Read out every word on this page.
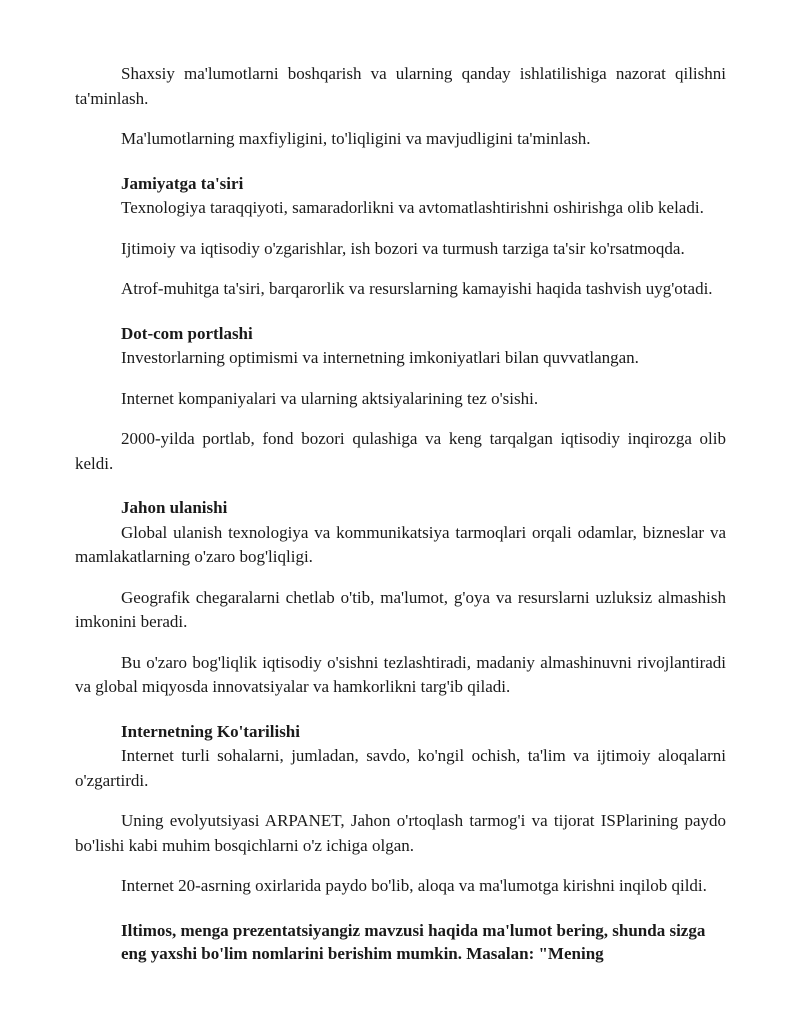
Shaxsiy ma'lumotlarni boshqarish va ularning qanday ishlatilishiga nazorat qilishni ta'minlash.

Ma'lumotlarning maxfiyligini, to'liqligini va mavjudligini ta'minlash.

Jamiyatga ta'siri

Texnologiya taraqqiyoti, samaradorlikni va avtomatlashtirishni oshirishga olib keladi.

Ijtimoiy va iqtisodiy o'zgarishlar, ish bozori va turmush tarziga ta'sir ko'rsatmoqda.

Atrof-muhitga ta'siri, barqarorlik va resurslarning kamayishi haqida tashvish uyg'otadi.

Dot-com portlashi

Investorlarning optimismi va internetning imkoniyatlari bilan quvvatlangan.

Internet kompaniyalari va ularning aktsiyalarining tez o'sishi.

2000-yilda portlab, fond bozori qulashiga va keng tarqalgan iqtisodiy inqirozga olib keldi.

Jahon ulanishi

Global ulanish texnologiya va kommunikatsiya tarmoqlari orqali odamlar, bizneslar va mamlakatlarning o'zaro bog'liqligi.

Geografik chegaralarni chetlab o'tib, ma'lumot, g'oya va resurslarni uzluksiz almashish imkonini beradi.

Bu o'zaro bog'liqlik iqtisodiy o'sishni tezlashtiradi, madaniy almashinuvni rivojlantiradi va global miqyosda innovatsiyalar va hamkorlikni targ'ib qiladi.

Internetning Ko'tarilishi

Internet turli sohalarni, jumladan, savdo, ko'ngil ochish, ta'lim va ijtimoiy aloqalarni o'zgartirdi.

Uning evolyutsiyasi ARPANET, Jahon o'rtoqlash tarmog'i va tijorat ISPlarining paydo bo'lishi kabi muhim bosqichlarni o'z ichiga olgan.

Internet 20-asrning oxirlarida paydo bo'lib, aloqa va ma'lumotga kirishni inqilob qildi.

Iltimos, menga prezentatsiyangiz mavzusi haqida ma'lumot bering, shunda sizga eng yaxshi bo'lim nomlarini berishim mumkin. Masalan: "Mening
